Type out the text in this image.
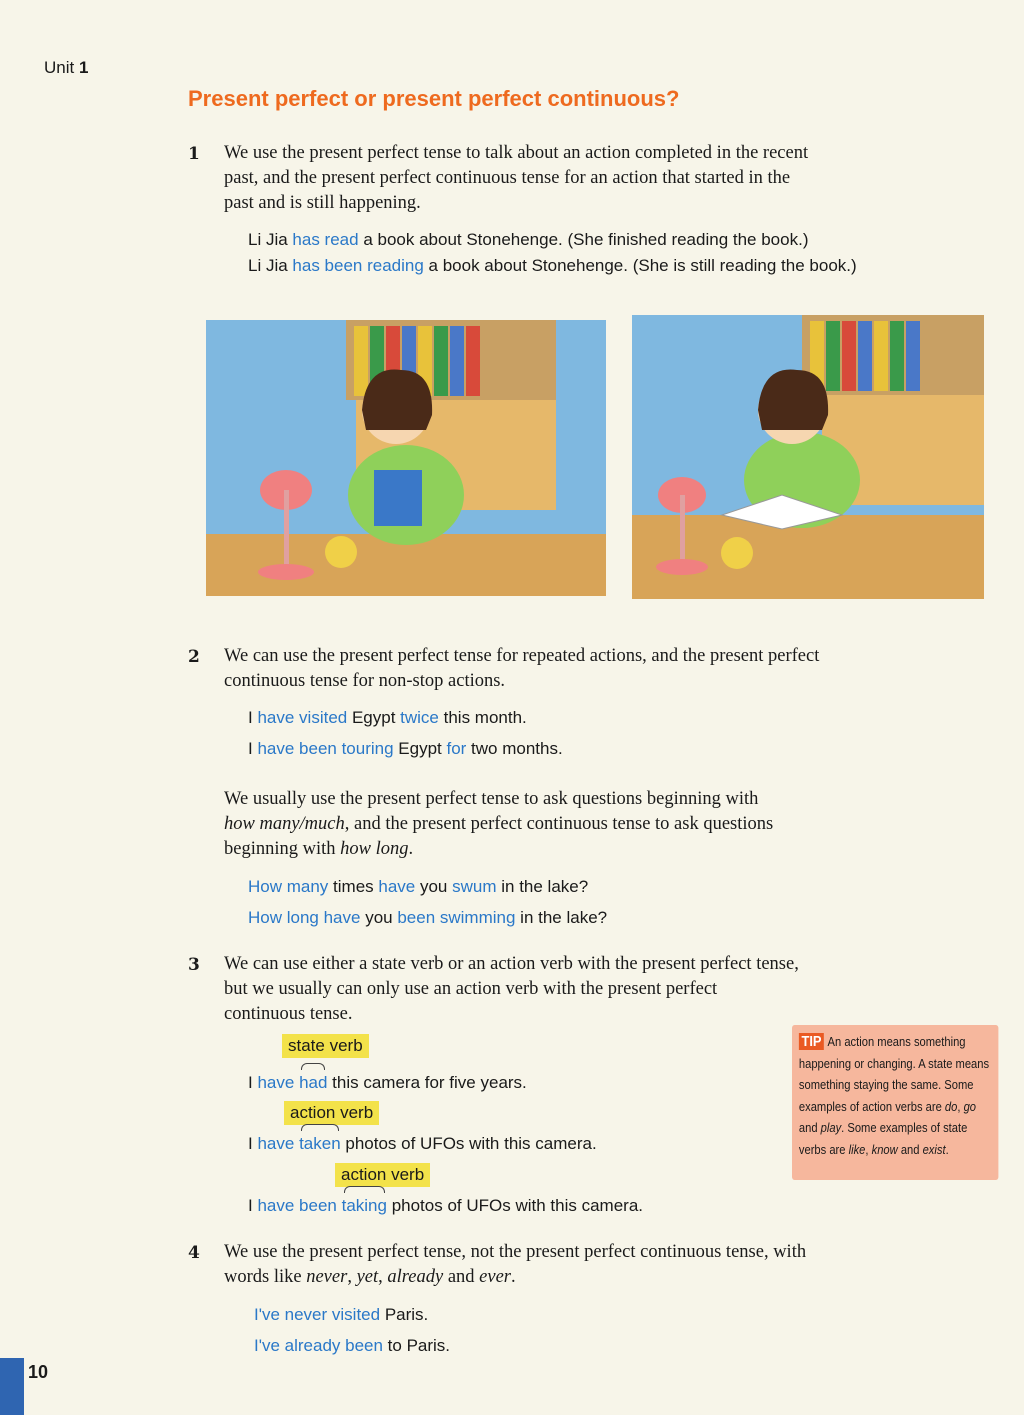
Unit 1
Present perfect or present perfect continuous?
1 We use the present perfect tense to talk about an action completed in the recent
past, and the present perfect continuous tense for an action that started in the
past and is still happening.
Li Jia has read a book about Stonehenge. (She finished reading the book.)
Li Jia has been reading a book about Stonehenge. (She is still reading the book.)
2 We can use the present perfect tense for repeated actions, and the present perfect
continuous tense for non-stop actions.
I have visited Egypt twice this month.
I have been touring Egypt for two months.
We usually use the present perfect tense to ask questions beginning with
how many/much, and the present perfect continuous tense to ask questions
beginning with how long.
How many times have you swum in the lake?
How long have you been swimming in the lake?
3 We can use either a state verb or an action verb with the present perfect tense,
but we usually can only use an action verb with the present perfect
continuous tense.
state verb
I have had this camera for five years.
action verb
I have taken photos of UFOs with this camera.
action verb
I have been taking photos of UFOs with this camera.
TIP An action means something happening or changing. A state means something staying the same. Some examples of action verbs are do, go and play. Some examples of state verbs are like, know and exist.
4 We use the present perfect tense, not the present perfect continuous tense, with
words like never, yet, already and ever.
I've never visited Paris.
I've already been to Paris.
10
